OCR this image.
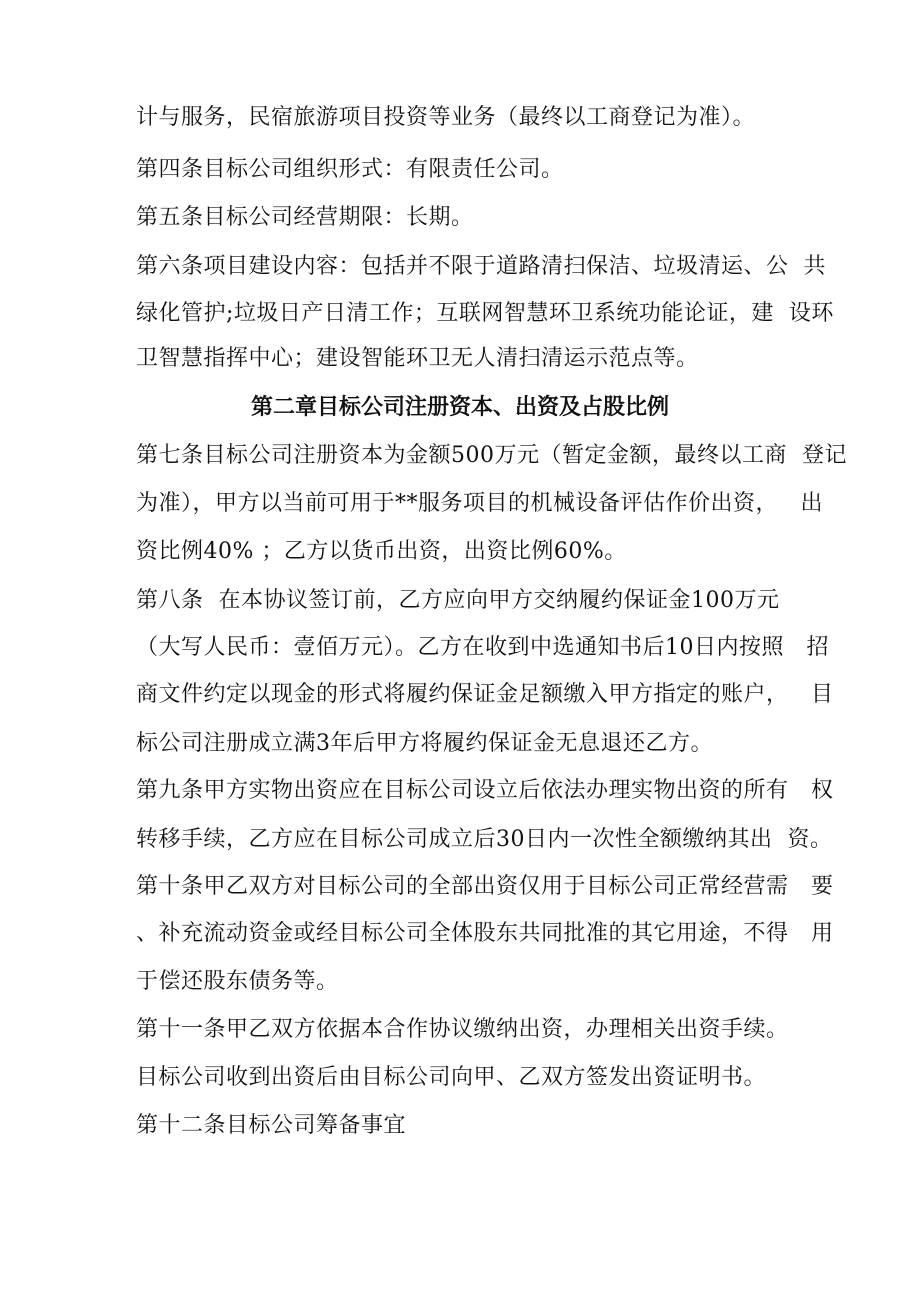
计与服务，民宿旅游项目投资等业务（最终以工商登记为准）。
第四条目标公司组织形式：有限责任公司。
第五条目标公司经营期限：长期。
第六条项目建设内容：包括并不限于道路清扫保洁、垃圾清运、公  共
绿化管护;垃圾日产日清工作；互联网智慧环卫系统功能论证，建  设环
卫智慧指挥中心；建设智能环卫无人清扫清运示范点等。
第二章目标公司注册资本、出资及占股比例
第七条目标公司注册资本为金额500万元（暂定金额，最终以工商  登记
为准），甲方以当前可用于**服务项目的机械设备评估作价出资，   出
资比例40% ；乙方以货币出资，出资比例60%。
第八条  在本协议签订前，乙方应向甲方交纳履约保证金100万元
（大写人民币：壹佰万元）。乙方在收到中选通知书后10日内按照   招
商文件约定以现金的形式将履约保证金足额缴入甲方指定的账户，   目
标公司注册成立满3年后甲方将履约保证金无息退还乙方。
第九条甲方实物出资应在目标公司设立后依法办理实物出资的所有   权
转移手续，乙方应在目标公司成立后30日内一次性全额缴纳其出  资。
第十条甲乙双方对目标公司的全部出资仅用于目标公司正常经营需   要
、补充流动资金或经目标公司全体股东共同批准的其它用途，不得   用
于偿还股东债务等。
第十一条甲乙双方依据本合作协议缴纳出资，办理相关出资手续。
目标公司收到出资后由目标公司向甲、乙双方签发出资证明书。
第十二条目标公司筹备事宜
